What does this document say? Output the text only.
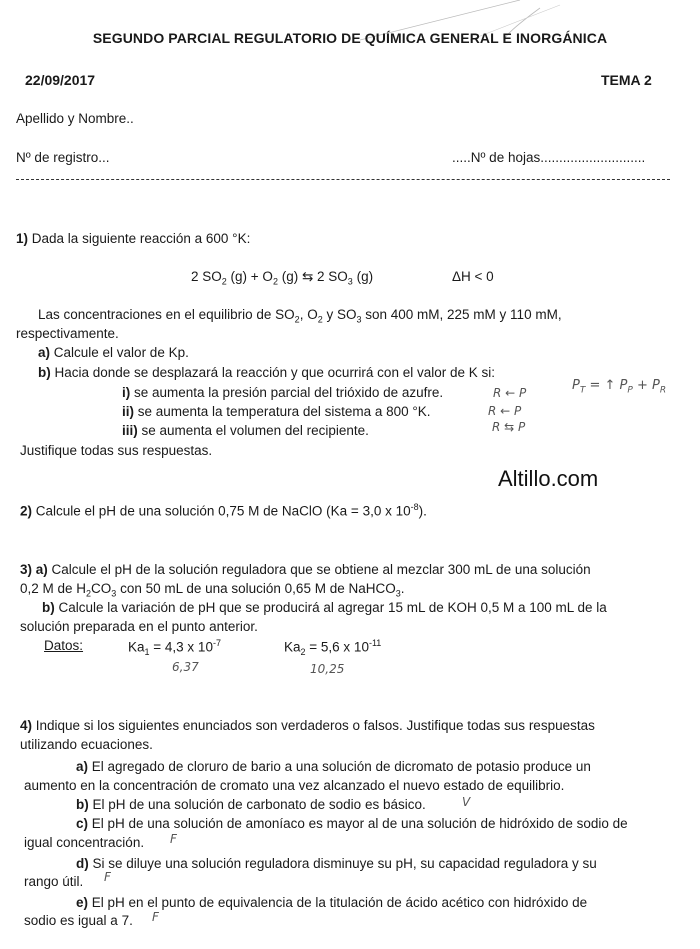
SEGUNDO PARCIAL REGULATORIO DE QUÍMICA GENERAL E INORGÁNICA
22/09/2017	TEMA 2
Apellido y Nombre..
Nº de registro...	.....Nº de hojas............................
1) Dada la siguiente reacción a 600 °K:
2 $SO_2$ $(g) + O_2$ (g) ⇆ 2 $SO_3$ (g)	ΔH < 0
Las concentraciones en el equilibrio de $SO_2$, $O_2$ y $SO_3$ son 400 mM, 225 mM y 110 mM,
respectivamente.
a) Calcule el valor de Kp.
b) Hacia donde se desplazará la reacción y que ocurrirá con el valor de K si:
i) se aumenta la presión parcial del trióxido de azufre.
ii) se aumenta la temperatura del sistema a 800 °K.
iii) se aumenta el volumen del recipiente.
Justifique todas sus respuestas.
R ← P
R ← P
R ⇆ P
$P_T$ = ↑ $P_P + P_R$
Altillo.com
2) Calcule el pH de una solución 0,75 M de NaClO (Ka = 3,0 x $10^{-8}$).
3) a) Calcule el pH de la solución reguladora que se obtiene al mezclar 300 mL de una solución
0,2 M de $H_2CO_3$ con 50 mL de una solución 0,65 M de NaHCO$_3$.
b) Calcule la variación de pH que se producirá al agregar 15 mL de KOH 0,5 M a 100 mL de la
solución preparada en el punto anterior.
Datos:	$Ka_1 = 4,3$ x $10^{-7}$	$Ka_2 = 5,6$ x $10^{-11}$
6,37	10,25
4) Indique si los siguientes enunciados son verdaderos o falsos. Justifique todas sus respuestas
utilizando ecuaciones.
a) El agregado de cloruro de bario a una solución de dicromato de potasio produce un
aumento en la concentración de cromato una vez alcanzado el nuevo estado de equilibrio.
b) El pH de una solución de carbonato de sodio es básico.	V
c) El pH de una solución de amoníaco es mayor al de una solución de hidróxido de sodio de
igual concentración. F
d) Si se diluye una solución reguladora disminuye su pH, su capacidad reguladora y su
rango útil. F
e) El pH en el punto de equivalencia de la titulación de ácido acético con hidróxido de
sodio es igual a 7. F
